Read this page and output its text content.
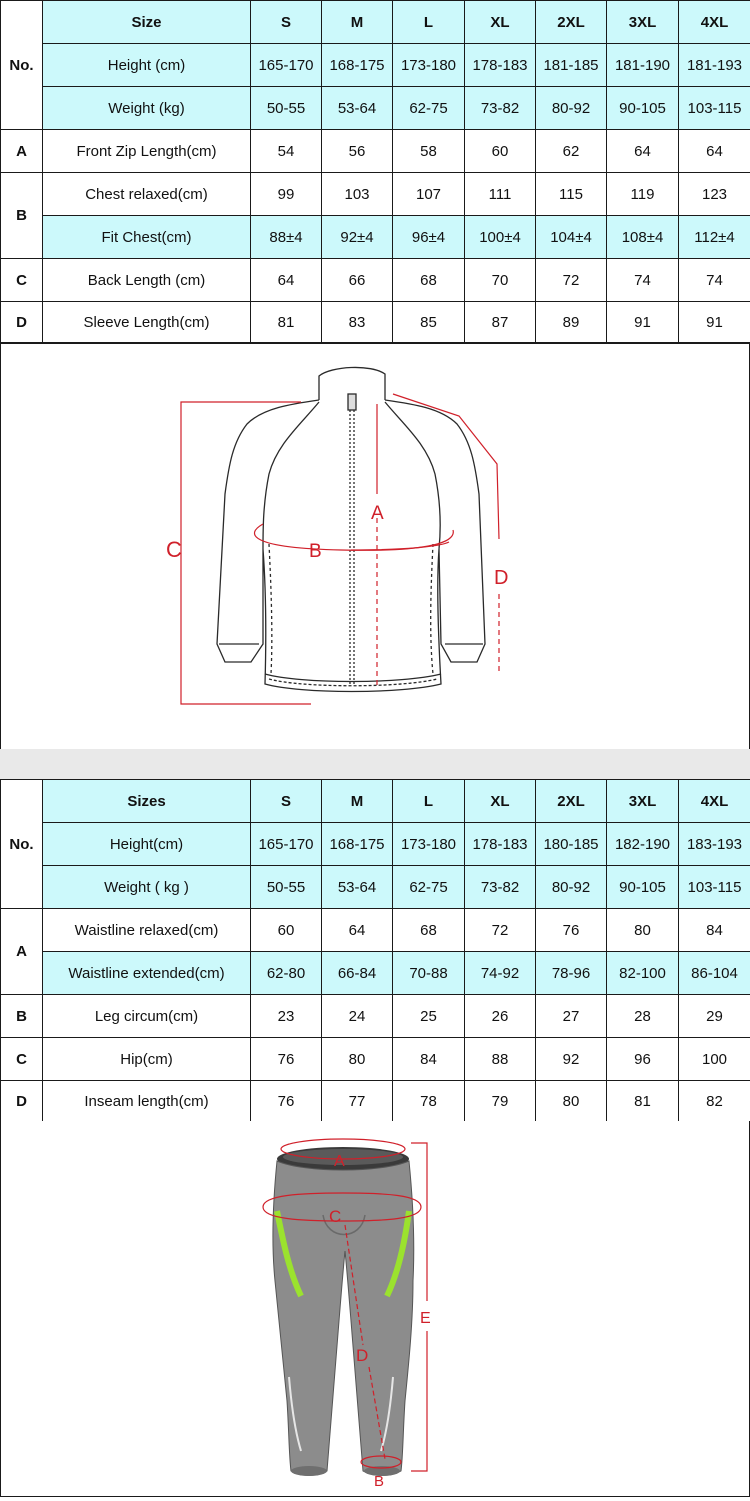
No.	Size	S	M	L	XL	2XL	3XL	4XL
	Height (cm)	165-170	168-175	173-180	178-183	181-185	181-190	181-193
	Weight (kg)	50-55	53-64	62-75	73-82	80-92	90-105	103-115
A	Front Zip Length(cm)	54	56	58	60	62	64	64
B	Chest relaxed(cm)	99	103	107	111	115	119	123
	Fit Chest(cm)	88±4	92±4	96±4	100±4	104±4	108±4	112±4
C	Back Length (cm)	64	66	68	70	72	74	74
D	Sleeve Length(cm)	81	83	85	87	89	91	91
A
B
C
D
No.	Sizes	S	M	L	XL	2XL	3XL	4XL
	Height(cm)	165-170	168-175	173-180	178-183	180-185	182-190	183-193
	Weight ( kg )	50-55	53-64	62-75	73-82	80-92	90-105	103-115
A	Waistline relaxed(cm)	60	64	68	72	76	80	84
	Waistline extended(cm)	62-80	66-84	70-88	74-92	78-96	82-100	86-104
B	Leg circum(cm)	23	24	25	26	27	28	29
C	Hip(cm)	76	80	84	88	92	96	100
D	Inseam length(cm)	76	77	78	79	80	81	82
A
C
D
E
B
